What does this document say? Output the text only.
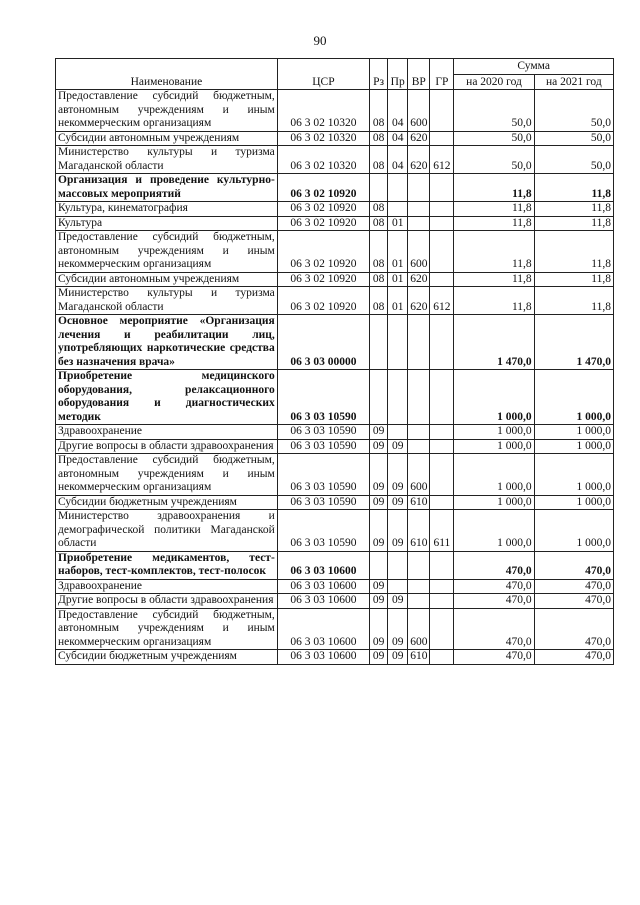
90
Наименование	ЦСР	Рз	Пр	ВР	ГР	Сумма	
						на 2020 год	на 2021 год
Предоставление субсидий бюджетным, автономным учреждениям и иным некоммерческим организациям	06 3 02 10320	08	04	600		50,0	50,0
Субсидии автономным учреждениям	06 3 02 10320	08	04	620		50,0	50,0
Министерство культуры и туризма Магаданской области	06 3 02 10320	08	04	620	612	50,0	50,0
Организация и проведение культурно-массовых мероприятий	06 3 02 10920					11,8	11,8
Культура, кинематография	06 3 02 10920	08				11,8	11,8
Культура	06 3 02 10920	08	01			11,8	11,8
Предоставление субсидий бюджетным, автономным учреждениям и иным некоммерческим организациям	06 3 02 10920	08	01	600		11,8	11,8
Субсидии автономным учреждениям	06 3 02 10920	08	01	620		11,8	11,8
Министерство культуры и туризма Магаданской области	06 3 02 10920	08	01	620	612	11,8	11,8
Основное мероприятие «Организация лечения и реабилитации лиц, употребляющих наркотические средства без назначения врача»	06 3 03 00000					1 470,0	1 470,0
Приобретение медицинского оборудования, релаксационного оборудования и диагностических методик	06 3 03 10590					1 000,0	1 000,0
Здравоохранение	06 3 03 10590	09				1 000,0	1 000,0
Другие вопросы в области здравоохранения	06 3 03 10590	09	09			1 000,0	1 000,0
Предоставление субсидий бюджетным, автономным учреждениям и иным некоммерческим организациям	06 3 03 10590	09	09	600		1 000,0	1 000,0
Субсидии бюджетным учреждениям	06 3 03 10590	09	09	610		1 000,0	1 000,0
Министерство здравоохранения и демографической политики Магаданской области	06 3 03 10590	09	09	610	611	1 000,0	1 000,0
Приобретение медикаментов, тест-наборов, тест-комплектов, тест-полосок	06 3 03 10600					470,0	470,0
Здравоохранение	06 3 03 10600	09				470,0	470,0
Другие вопросы в области здравоохранения	06 3 03 10600	09	09			470,0	470,0
Предоставление субсидий бюджетным, автономным учреждениям и иным некоммерческим организациям	06 3 03 10600	09	09	600		470,0	470,0
Субсидии бюджетным учреждениям	06 3 03 10600	09	09	610		470,0	470,0
